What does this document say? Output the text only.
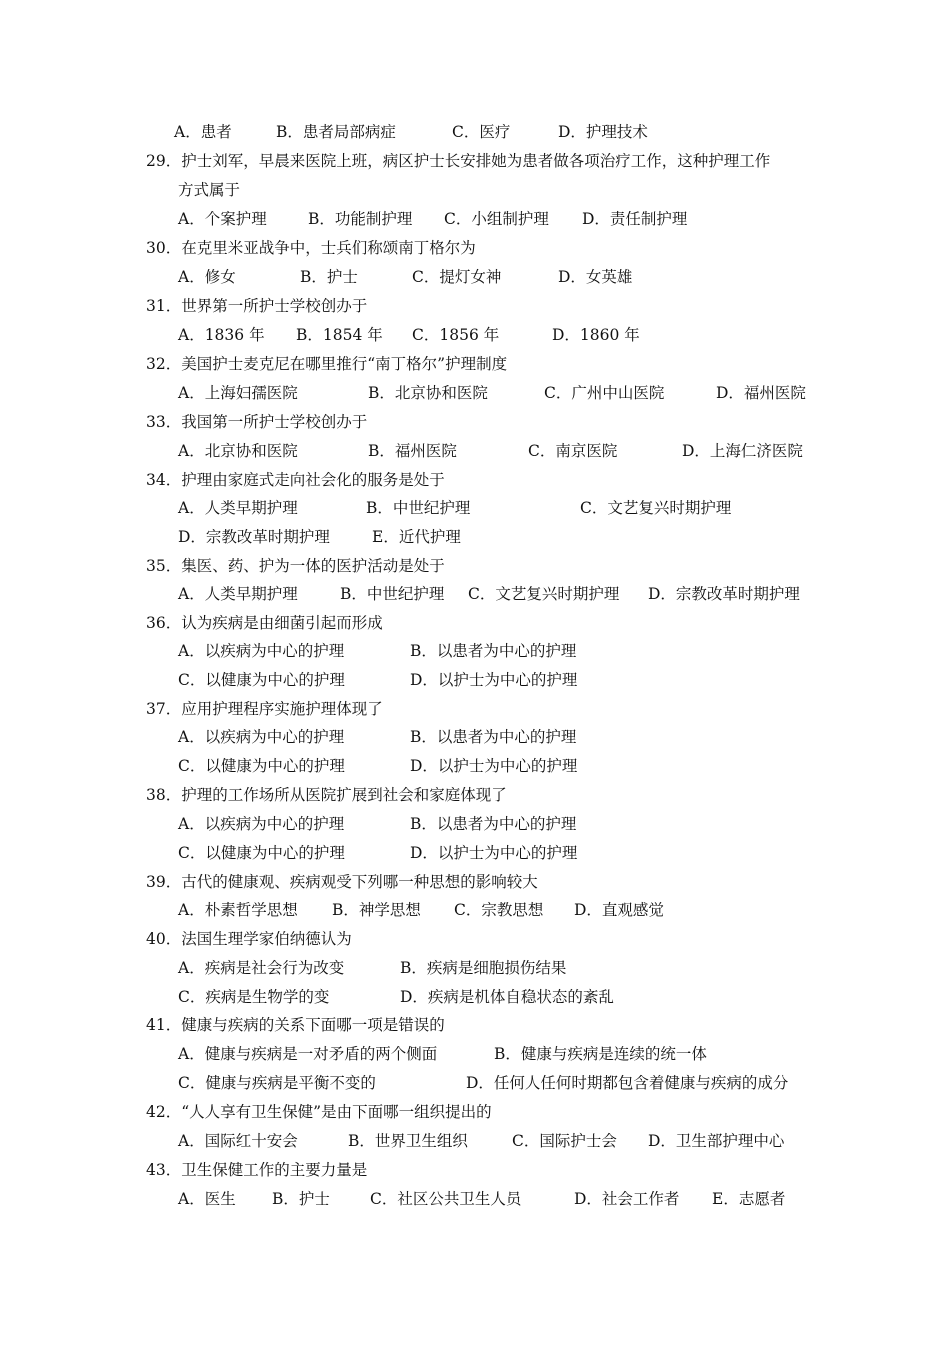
A．患者	B．患者局部病症	C．医疗	D．护理技术
29．护士刘军，早晨来医院上班，病区护士长安排她为患者做各项治疗工作，这种护理工作
方式属于
A．个案护理	B．功能制护理 C．小组制护理 D．责任制护理
30．在克里米亚战争中，士兵们称颂南丁格尔为
A．修女	B．护士	C．提灯女神	D．女英雄
31．世界第一所护士学校创办于
A．1836 年 B．1854 年 C．1856 年	D．1860 年
32．美国护士麦克尼在哪里推行“南丁格尔”护理制度
A．上海妇孺医院	B．北京协和医院	C．广州中山医院	D．福州医院
33．我国第一所护士学校创办于
A．北京协和医院	B．福州医院	C．南京医院	D．上海仁济医院
34．护理由家庭式走向社会化的服务是处于
A．人类早期护理	B．中世纪护理	C．文艺复兴时期护理
D．宗教改革时期护理	E．近代护理
35．集医、药、护为一体的医护活动是处于
A．人类早期护理	B．中世纪护理 C．文艺复兴时期护理 D．宗教改革时期护理
36．认为疾病是由细菌引起而形成
A．以疾病为中心的护理	B．以患者为中心的护理
C．以健康为中心的护理	D．以护士为中心的护理
37．应用护理程序实施护理体现了
A．以疾病为中心的护理	B．以患者为中心的护理
C．以健康为中心的护理	D．以护士为中心的护理
38．护理的工作场所从医院扩展到社会和家庭体现了
A．以疾病为中心的护理	B．以患者为中心的护理
C．以健康为中心的护理	D．以护士为中心的护理
39．古代的健康观、疾病观受下列哪一种思想的影响较大
A．朴素哲学思想 B．神学思想 C．宗教思想 D．直观感觉
40．法国生理学家伯纳德认为
A．疾病是社会行为改变	B．疾病是细胞损伤结果
C．疾病是生物学的变	D．疾病是机体自稳状态的紊乱
41．健康与疾病的关系下面哪一项是错误的
A．健康与疾病是一对矛盾的两个侧面	B．健康与疾病是连续的统一体
C．健康与疾病是平衡不变的	D．任何人任何时期都包含着健康与疾病的成分
42．“人人享有卫生保健”是由下面哪一组织提出的
A．国际红十安会	B．世界卫生组织	C．国际护士会 D．卫生部护理中心
43．卫生保健工作的主要力量是
A．医生 B．护士	C．社区公共卫生人员	D．社会工作者 E．志愿者
